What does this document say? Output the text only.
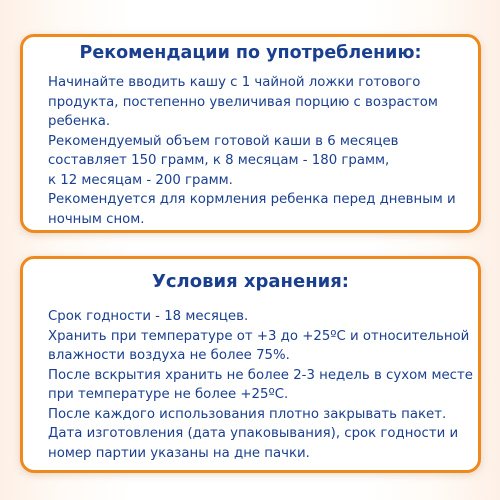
Рекомендации по употреблению:
Начинайте вводить кашу с 1 чайной ложки готового
продукта, постепенно увеличивая порцию с возрастом
ребенка.
Рекомендуемый объем готовой каши в 6 месяцев
составляет 150 грамм, к 8 месяцам - 180 грамм,
к 12 месяцам - 200 грамм.
Рекомендуется для кормления ребенка перед дневным и
ночным сном.
Условия хранения:
Срок годности - 18 месяцев.
Хранить при температуре от +3 до +25ºС и относительной
влажности воздуха не более 75%.
После вскрытия хранить не более 2-3 недель в сухом месте
при температуре не более +25ºС.
После каждого использования плотно закрывать пакет.
Дата изготовления (дата упаковывания), срок годности и
номер партии указаны на дне пачки.
